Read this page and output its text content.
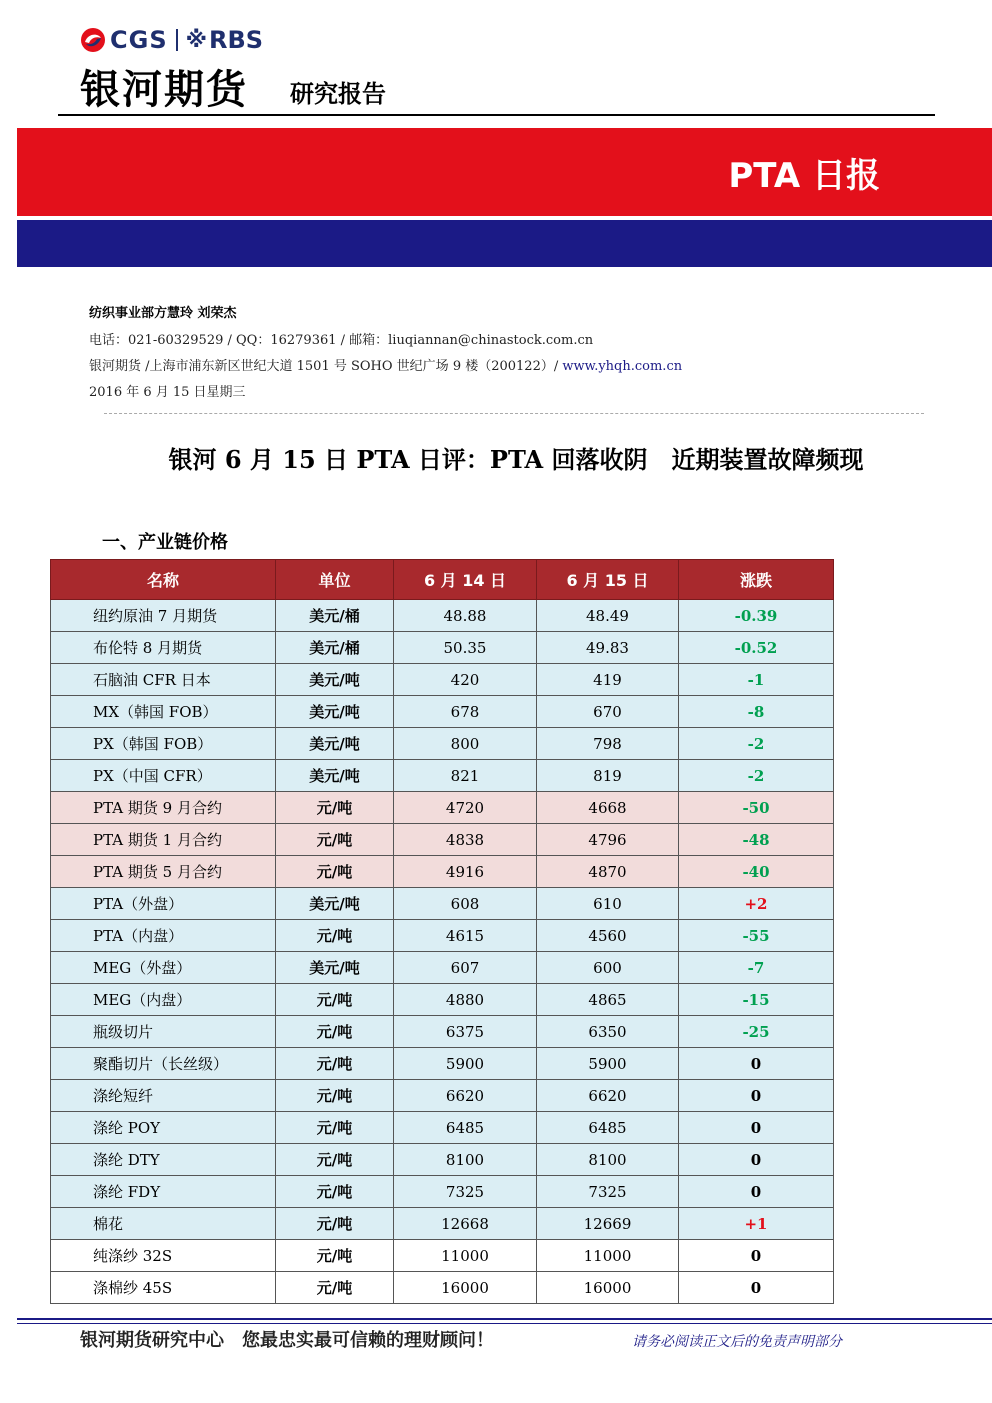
CGS ※ RBS
银河期货 研究报告
PTA 日报
纺织事业部方慧玲 刘荣杰
电话：021-60329529 / QQ：16279361 / 邮箱：liuqiannan@chinastock.com.cn
银河期货 /上海市浦东新区世纪大道 1501 号 SOHO 世纪广场 9 楼（200122）/ www.yhqh.com.cn
2016 年 6 月 15 日星期三
银河 6 月 15 日 PTA 日评：PTA 回落收阴　近期装置故障频现
一、产业链价格
名称	单位	6 月 14 日	6 月 15 日	涨跌
纽约原油 7 月期货	美元/桶	48.88	48.49	-0.39
布伦特 8 月期货	美元/桶	50.35	49.83	-0.52
石脑油 CFR 日本	美元/吨	420	419	-1
MX（韩国 FOB）	美元/吨	678	670	-8
PX（韩国 FOB）	美元/吨	800	798	-2
PX（中国 CFR）	美元/吨	821	819	-2
PTA 期货 9 月合约	元/吨	4720	4668	-50
PTA 期货 1 月合约	元/吨	4838	4796	-48
PTA 期货 5 月合约	元/吨	4916	4870	-40
PTA（外盘）	美元/吨	608	610	+2
PTA（内盘）	元/吨	4615	4560	-55
MEG（外盘）	美元/吨	607	600	-7
MEG（内盘）	元/吨	4880	4865	-15
瓶级切片	元/吨	6375	6350	-25
聚酯切片（长丝级）	元/吨	5900	5900	0
涤纶短纤	元/吨	6620	6620	0
涤纶 POY	元/吨	6485	6485	0
涤纶 DTY	元/吨	8100	8100	0
涤纶 FDY	元/吨	7325	7325	0
棉花	元/吨	12668	12669	+1
纯涤纱 32S	元/吨	11000	11000	0
涤棉纱 45S	元/吨	16000	16000	0
银河期货研究中心　您最忠实最可信赖的理财顾问！	请务必阅读正文后的免责声明部分
